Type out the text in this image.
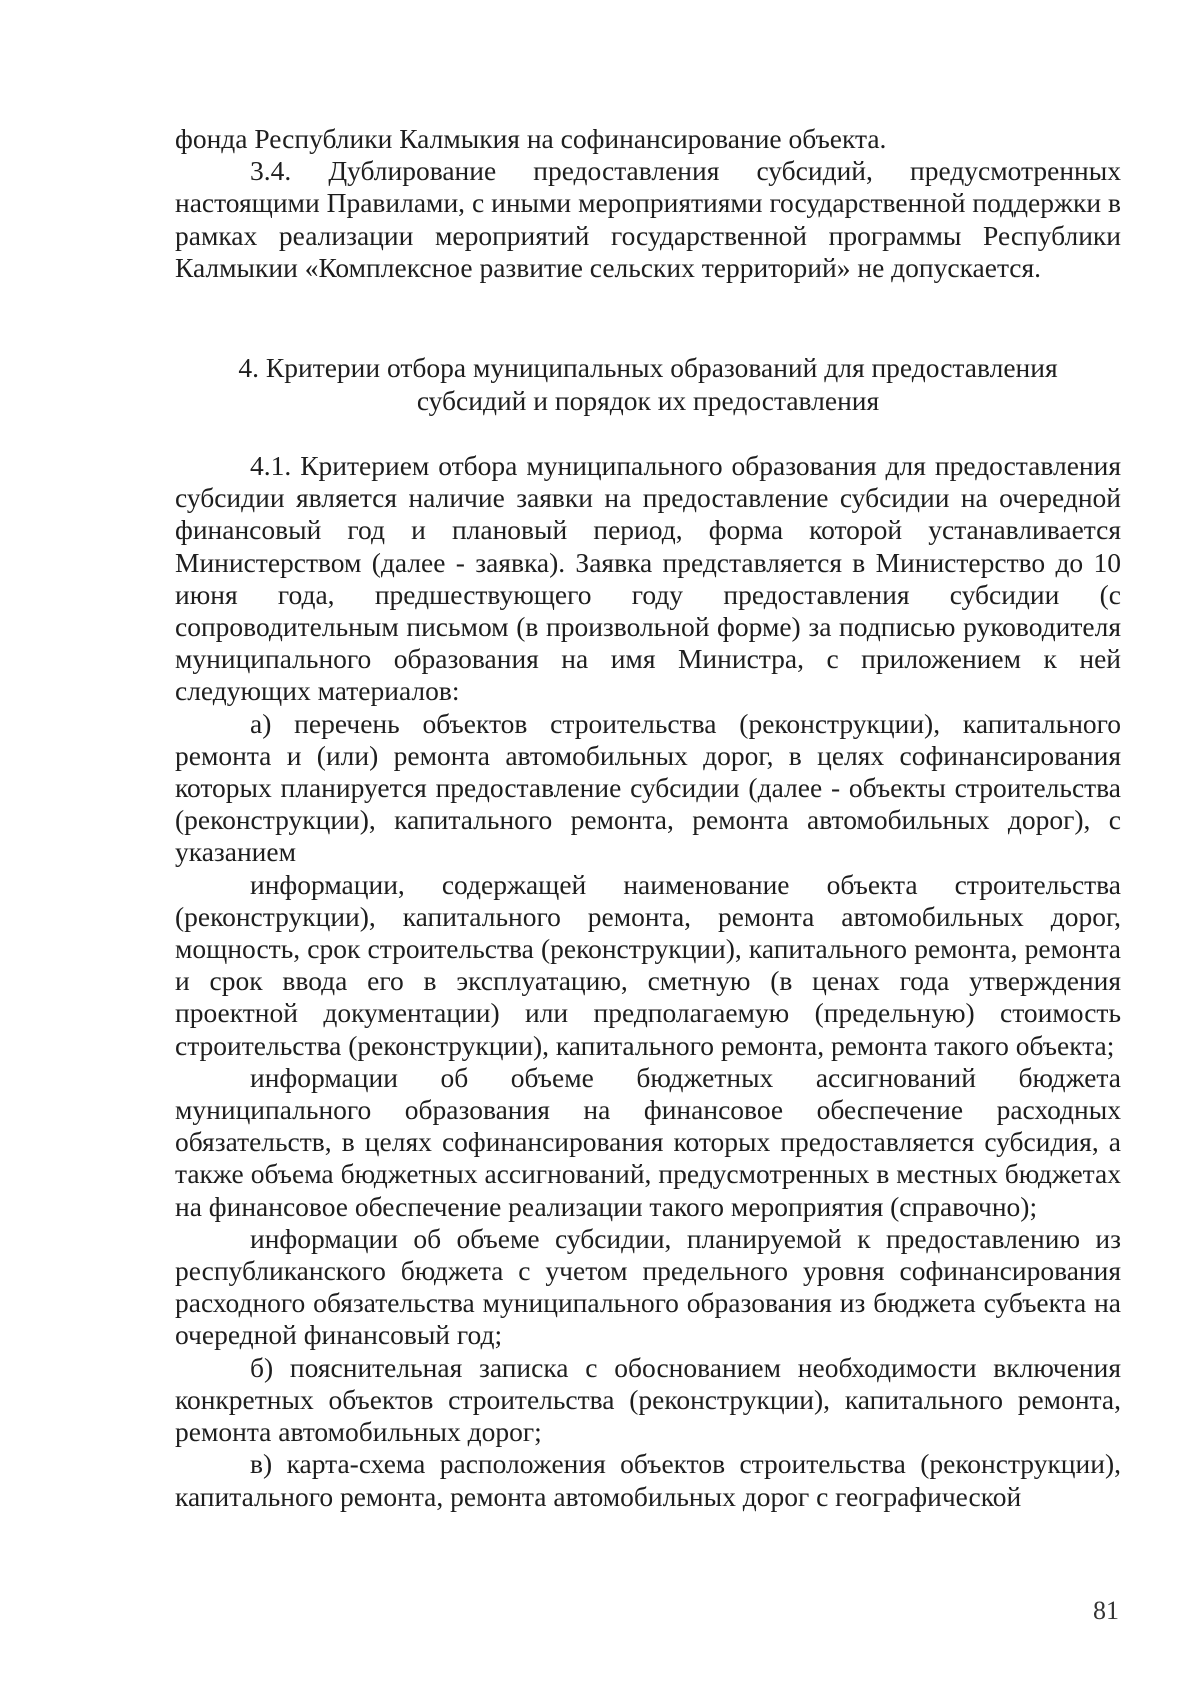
фонда Республики Калмыкия на софинансирование объекта.

3.4. Дублирование предоставления субсидий, предусмотренных настоящими Правилами, с иными мероприятиями государственной поддержки в рамках реализации мероприятий государственной программы Республики Калмыкии «Комплексное развитие сельских территорий» не допускается.

4. Критерии отбора муниципальных образований для предоставления
субсидий и порядок их предоставления

4.1. Критерием отбора муниципального образования для предоставления субсидии является наличие заявки на предоставление субсидии на очередной финансовый год и плановый период, форма которой устанавливается Министерством (далее - заявка). Заявка представляется в Министерство до 10 июня года, предшествующего году предоставления субсидии (с сопроводительным письмом (в произвольной форме) за подписью руководителя муниципального образования на имя Министра, с приложением к ней следующих материалов:

а) перечень объектов строительства (реконструкции), капитального ремонта и (или) ремонта автомобильных дорог, в целях софинансирования которых планируется предоставление субсидии (далее - объекты строительства (реконструкции), капитального ремонта, ремонта автомобильных дорог), с указанием

информации, содержащей наименование объекта строительства (реконструкции), капитального ремонта, ремонта автомобильных дорог, мощность, срок строительства (реконструкции), капитального ремонта, ремонта и срок ввода его в эксплуатацию, сметную (в ценах года утверждения проектной документации) или предполагаемую (предельную) стоимость строительства (реконструкции), капитального ремонта, ремонта такого объекта;

информации об объеме бюджетных ассигнований бюджета муниципального образования на финансовое обеспечение расходных обязательств, в целях софинансирования которых предоставляется субсидия, а также объема бюджетных ассигнований, предусмотренных в местных бюджетах на финансовое обеспечение реализации такого мероприятия (справочно);

информации об объеме субсидии, планируемой к предоставлению из республиканского бюджета с учетом предельного уровня софинансирования расходного обязательства муниципального образования из бюджета субъекта на очередной финансовый год;

б) пояснительная записка с обоснованием необходимости включения конкретных объектов строительства (реконструкции), капитального ремонта, ремонта автомобильных дорог;

в) карта-схема расположения объектов строительства (реконструкции), капитального ремонта, ремонта автомобильных дорог с географической

81
